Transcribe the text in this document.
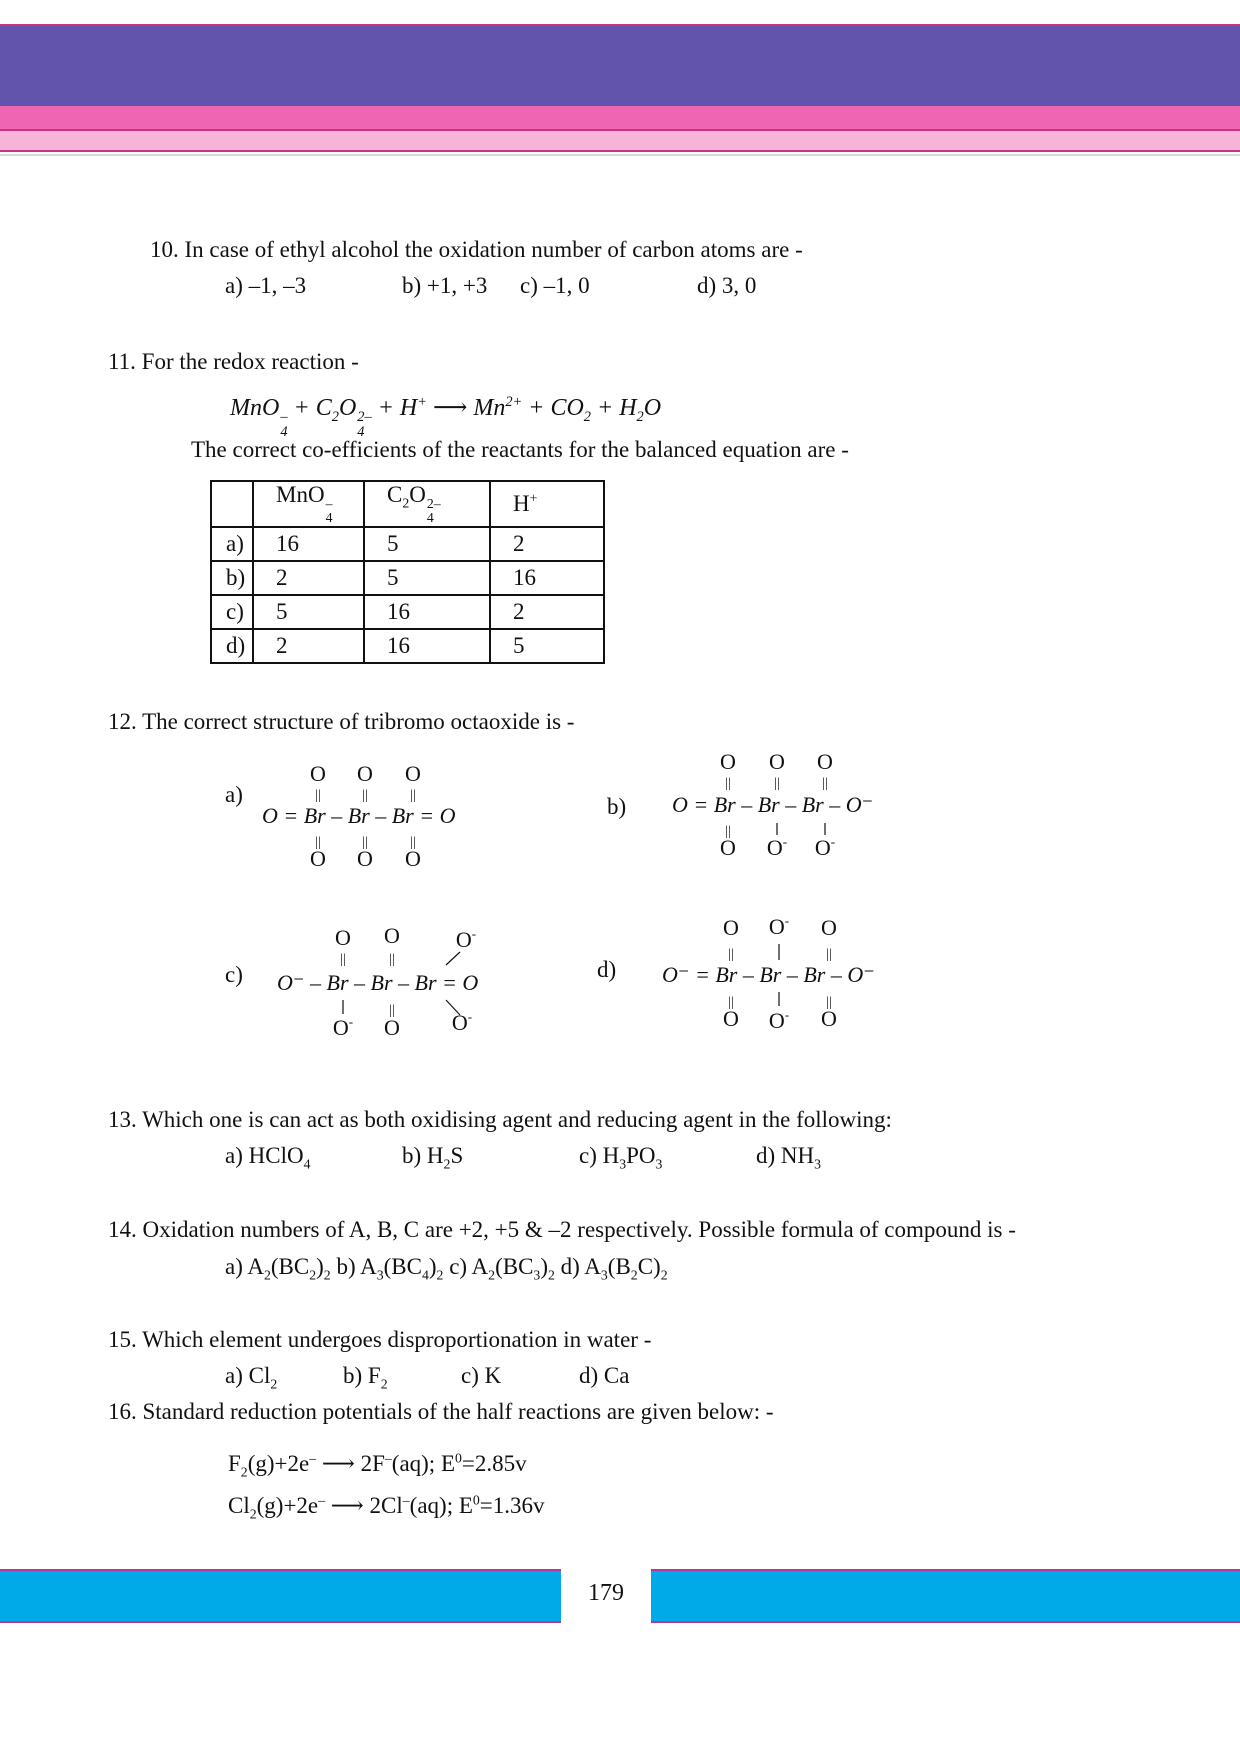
10. In case of ethyl alcohol the oxidation number of carbon atoms are -
a) –1, –3	b) +1, +3 c) –1, 0	d) 3, 0
11. For the redox reaction -
MnO –
4
+ $C_2O$ 2–
4
+ H+ ⟶ $Mn^{2+} + CO_2 + H_2O$
The correct co-efficients of the reactants for the balanced equation are -
	MnO –
4	$C_2O$ 2–
4	H+
a)	16	5	2
b)	2	5	16
c)	5	16	2
d)	2	16	5
12. The correct structure of tribromo octaoxide is -
a)	b)
c)	d)
O O O
||	||	||
O = Br – Br – Br = O
||	||	||
O O O
O O O
||	||	||
O = Br – Br – Br – O⁻
||
O O- O-
O O	O-
||	||
O⁻ – Br – Br – Br = O
||
O- O O-
O O- O
||	||
O⁻ = Br – Br – Br – O⁻
||	||
O O- O
13. Which one is can act as both oxidising agent and reducing agent in the following:
a) HClO$_4$	b) $H_2S$	c) $H_3PO_3$	d) $NH_3$
14. Oxidation numbers of A, B, C are +2, +5 & –2 respectively. Possible formula of compound is -
a) $A_2(BC_2)_2$ b) $A_3(BC_4)_2$ c) $A_2(BC_3)_2$ d) $A_3(B_2C)_2$
15. Which element undergoes disproportionation in water -
a) $Cl_2$	b) $F_2$	c) K	d) Ca
16. Standard reduction potentials of the half reactions are given below: -
$F_2(g)+2e^-$ ⟶ 2F–(aq); $E^0=2.85v$
$Cl_2(g)+2e^-$ ⟶ 2Cl–(aq); $E^0=1.36v$
179
